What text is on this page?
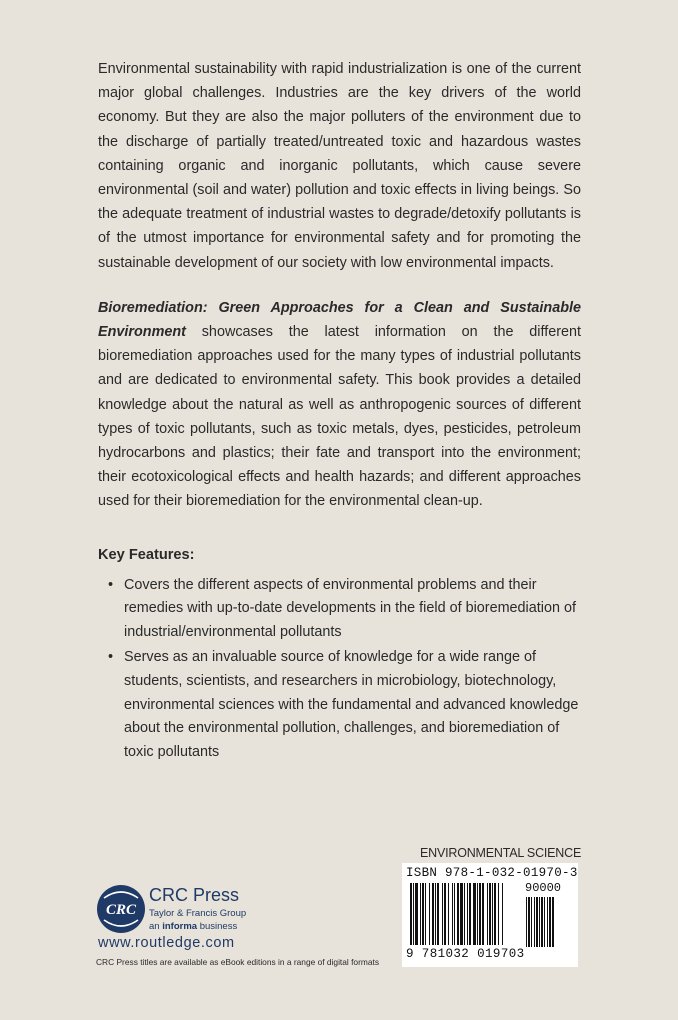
Environmental sustainability with rapid industrialization is one of the current major global challenges. Industries are the key drivers of the world economy. But they are also the major polluters of the environment due to the discharge of partially treated/untreated toxic and hazardous wastes containing organic and inorganic pollutants, which cause severe environmental (soil and water) pollution and toxic effects in living beings. So the adequate treatment of industrial wastes to degrade/detoxify pollutants is of the utmost importance for environmental safety and for promoting the sustainable development of our society with low environmental impacts.

Bioremediation: Green Approaches for a Clean and Sustainable Environment showcases the latest information on the different bioremediation approaches used for the many types of industrial pollutants and are dedicated to environmental safety. This book provides a detailed knowledge about the natural as well as anthropogenic sources of different types of toxic pollutants, such as toxic metals, dyes, pesticides, petroleum hydrocarbons and plastics; their fate and transport into the environment; their ecotoxicological effects and health hazards; and different approaches used for their bioremediation for the environmental clean-up.

Key Features:
• Covers the different aspects of environmental problems and their remedies with up-to-date developments in the field of bioremediation of industrial/environmental pollutants
• Serves as an invaluable source of knowledge for a wide range of students, scientists, and researchers in microbiology, biotechnology, environmental sciences with the fundamental and advanced knowledge about the environmental pollution, challenges, and bioremediation of toxic pollutants
CRC
CRC Press
Taylor & Francis Group
an informa business
www.routledge.com
CRC Press titles are available as eBook editions in a range of digital formats
ENVIRONMENTAL SCIENCE
ISBN 978-1-032-01970-3
90000
9 781032 019703
